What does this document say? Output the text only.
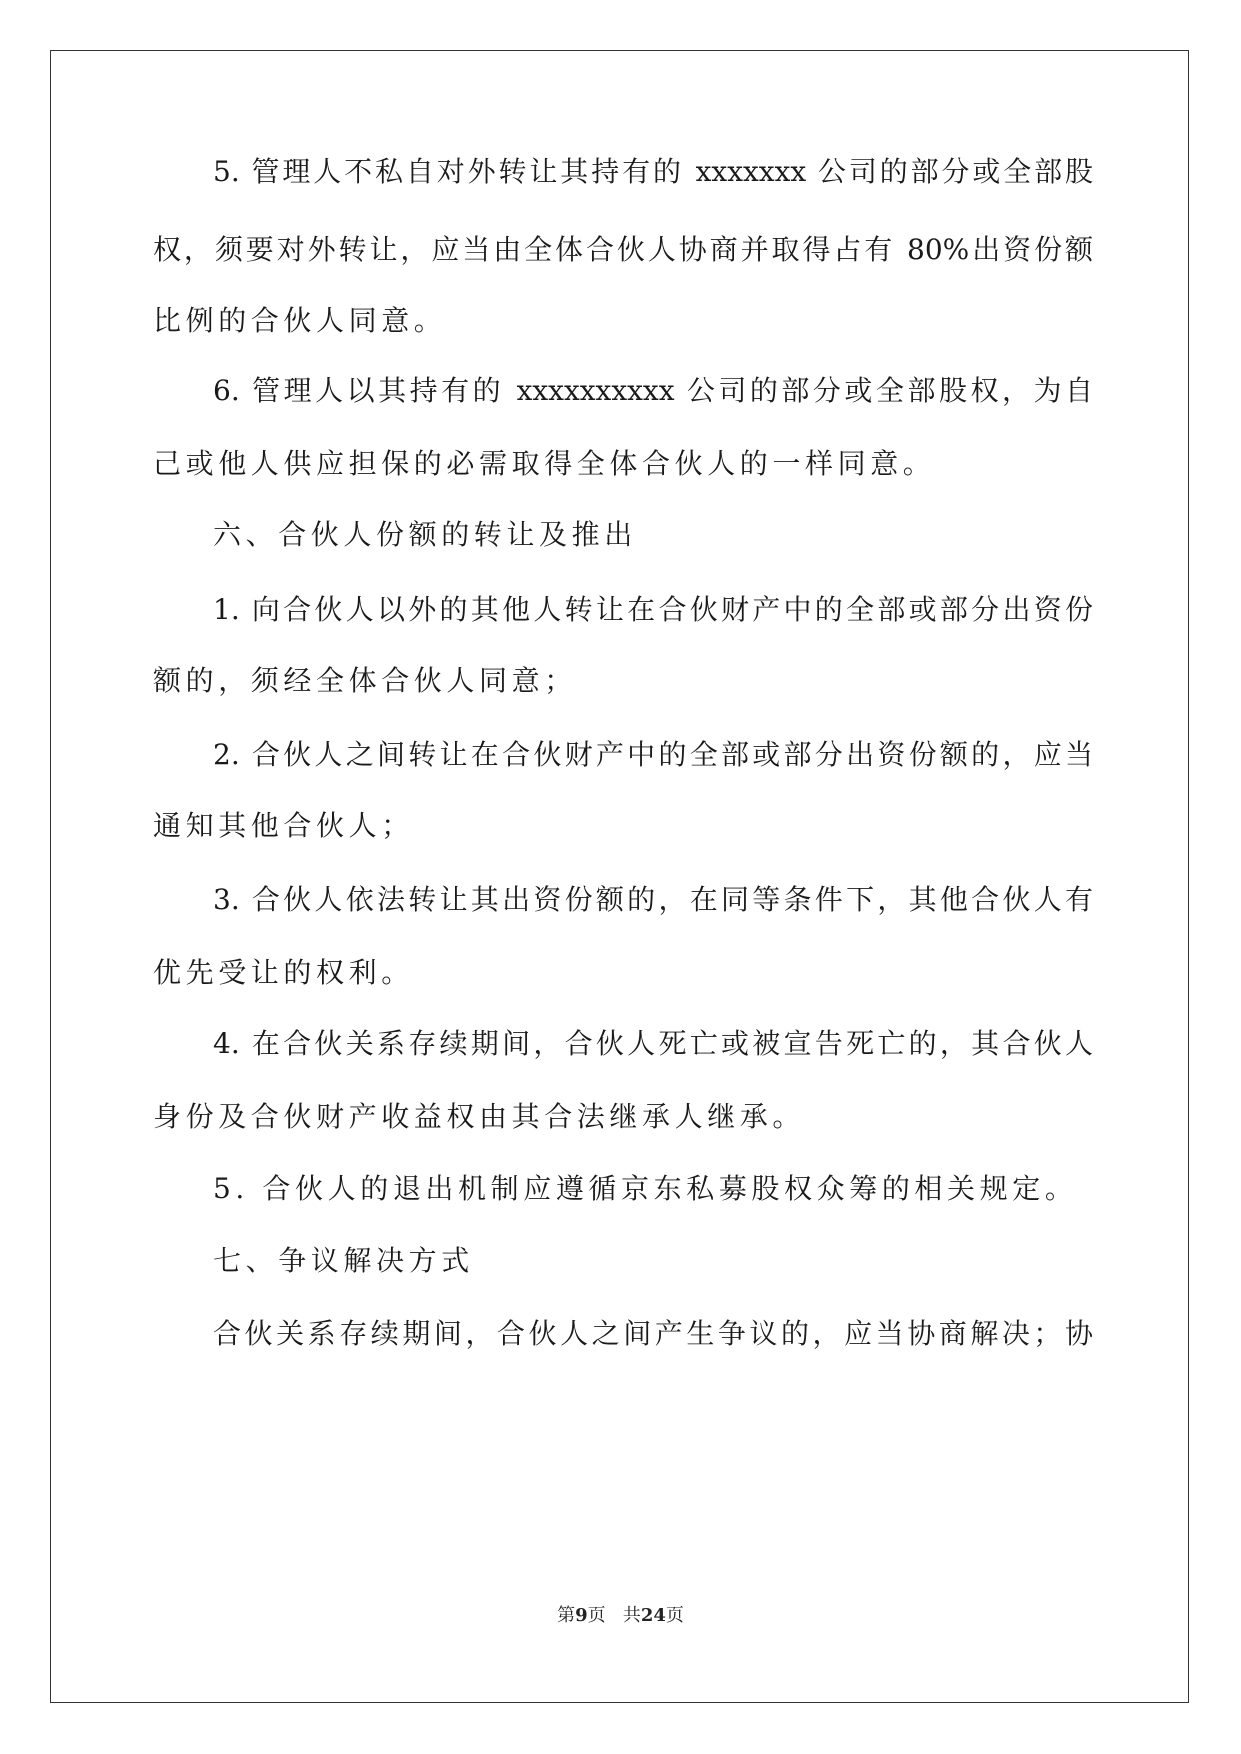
5. 管理人不私自对外转让其持有的 xxxxxxx 公司的部分或全部股
权，须要对外转让，应当由全体合伙人协商并取得占有 80%出资份额
比例的合伙人同意。
6. 管理人以其持有的 xxxxxxxxxx 公司的部分或全部股权，为自
己或他人供应担保的必需取得全体合伙人的一样同意。
六、合伙人份额的转让及推出
1. 向合伙人以外的其他人转让在合伙财产中的全部或部分出资份
额的，须经全体合伙人同意；
2. 合伙人之间转让在合伙财产中的全部或部分出资份额的，应当
通知其他合伙人；
3. 合伙人依法转让其出资份额的，在同等条件下，其他合伙人有
优先受让的权利。
4. 在合伙关系存续期间，合伙人死亡或被宣告死亡的，其合伙人
身份及合伙财产收益权由其合法继承人继承。
5. 合伙人的退出机制应遵循京东私募股权众筹的相关规定。
七、争议解决方式
合伙关系存续期间，合伙人之间产生争议的，应当协商解决；协
第9页 共24页
